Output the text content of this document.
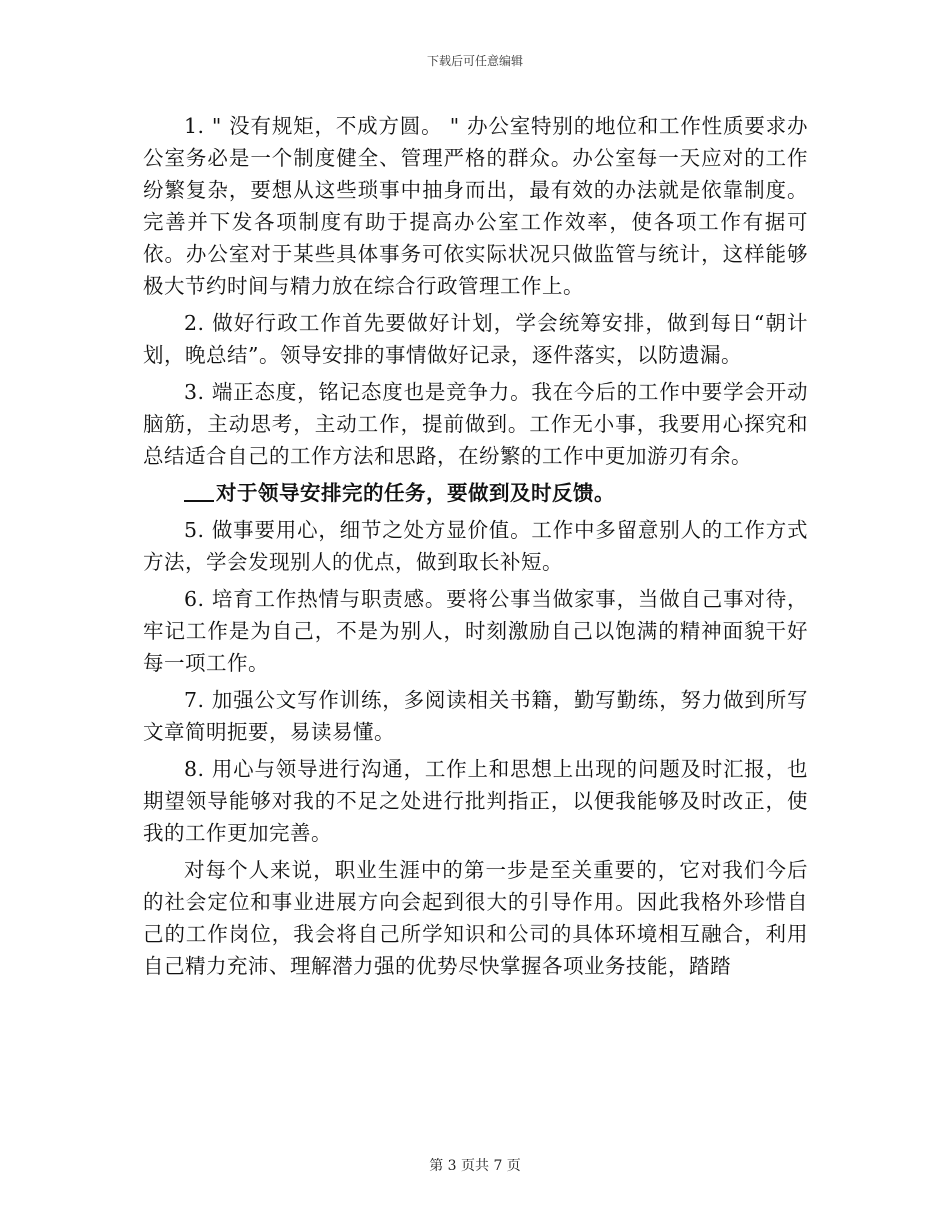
下载后可任意编辑

1. " 没有规矩，不成方圆。 " 办公室特别的地位和工作性质要求办公室务必是一个制度健全、管理严格的群众。办公室每一天应对的工作纷繁复杂，要想从这些琐事中抽身而出，最有效的办法就是依靠制度。完善并下发各项制度有助于提高办公室工作效率，使各项工作有据可依。办公室对于某些具体事务可依实际状况只做监管与统计，这样能够极大节约时间与精力放在综合行政管理工作上。

2. 做好行政工作首先要做好计划，学会统筹安排，做到每日“朝计划，晚总结”。领导安排的事情做好记录，逐件落实，以防遗漏。

3. 端正态度，铭记态度也是竞争力。我在今后的工作中要学会开动脑筋，主动思考，主动工作，提前做到。工作无小事，我要用心探究和总结适合自己的工作方法和思路，在纷繁的工作中更加游刃有余。

对于领导安排完的任务，要做到及时反馈。

5. 做事要用心，细节之处方显价值。工作中多留意别人的工作方式方法，学会发现别人的优点，做到取长补短。

6. 培育工作热情与职责感。要将公事当做家事，当做自己事对待，牢记工作是为自己，不是为别人，时刻激励自己以饱满的精神面貌干好每一项工作。

7. 加强公文写作训练，多阅读相关书籍，勤写勤练，努力做到所写文章简明扼要，易读易懂。

8. 用心与领导进行沟通，工作上和思想上出现的问题及时汇报，也期望领导能够对我的不足之处进行批判指正，以便我能够及时改正，使我的工作更加完善。

对每个人来说，职业生涯中的第一步是至关重要的，它对我们今后的社会定位和事业进展方向会起到很大的引导作用。因此我格外珍惜自己的工作岗位，我会将自己所学知识和公司的具体环境相互融合，利用自己精力充沛、理解潜力强的优势尽快掌握各项业务技能，踏踏

第 3 页共 7 页
